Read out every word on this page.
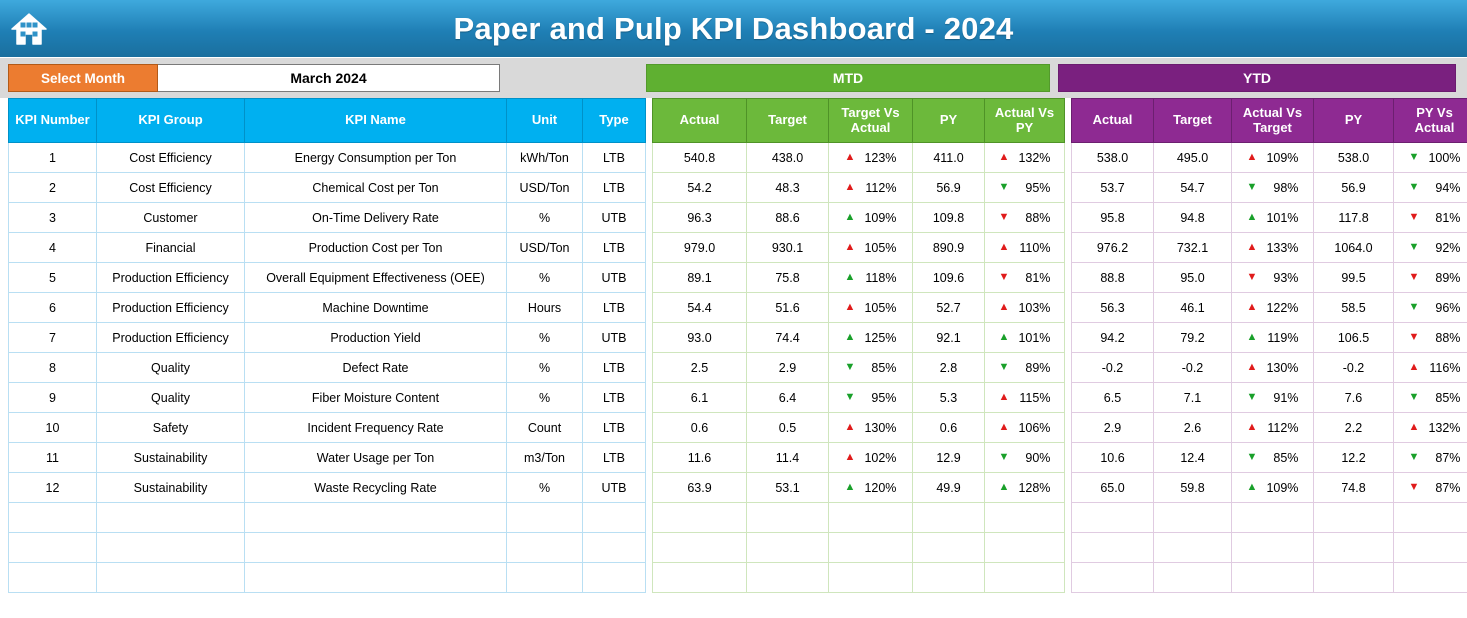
Paper and Pulp KPI Dashboard - 2024
Select Month	March 2024	MTD	YTD
KPI Number	KPI Group	KPI Name	Unit	Type
1	Cost Efficiency	Energy Consumption per Ton	kWh/Ton	LTB
2	Cost Efficiency	Chemical Cost per Ton	USD/Ton	LTB
3	Customer	On-Time Delivery Rate	%	UTB
4	Financial	Production Cost per Ton	USD/Ton	LTB
5	Production Efficiency	Overall Equipment Effectiveness (OEE)	%	UTB
6	Production Efficiency	Machine Downtime	Hours	LTB
7	Production Efficiency	Production Yield	%	UTB
8	Quality	Defect Rate	%	LTB
9	Quality	Fiber Moisture Content	%	LTB
10	Safety	Incident Frequency Rate	Count	LTB
11	Sustainability	Water Usage per Ton	m3/Ton	LTB
12	Sustainability	Waste Recycling Rate	%	UTB

Actual	Target	Target Vs Actual	PY	Actual Vs PY
540.8	438.0	▲ 123%	411.0	▲ 132%

54.2	48.3	▲ 112%	56.9	▼ 95%

96.3	88.6	▲ 109%	109.8	▼ 88%

979.0	930.1	▲ 105%	890.9	▲ 110%

89.1	75.8	▲ 118%	109.6	▼ 81%

54.4	51.6	▲ 105%	52.7	▲ 103%

93.0	74.4	▲ 125%	92.1	▲ 101%

2.5	2.9	▼ 85%	2.8	▼ 89%

6.1	6.4	▼ 95%	5.3	▲ 115%

0.6	0.5	▲ 130%	0.6	▲ 106%

11.6	11.4	▲ 102%	12.9	▼ 90%

63.9	53.1	▲ 120%	49.9	▲ 128%

Actual	Target	Actual Vs Target	PY	PY Vs Actual
538.0	495.0	▲ 109%	538.0	▼ 100%

53.7	54.7	▼ 98%	56.9	▼ 94%

95.8	94.8	▲ 101%	117.8	▼ 81%

976.2	732.1	▲ 133%	1064.0	▼ 92%

88.8	95.0	▼ 93%	99.5	▼ 89%

56.3	46.1	▲ 122%	58.5	▼ 96%

94.2	79.2	▲ 119%	106.5	▼ 88%

-0.2	-0.2	▲ 130%	-0.2	▲ 116%

6.5	7.1	▼ 91%	7.6	▼ 85%

2.9	2.6	▲ 112%	2.2	▲ 132%

10.6	12.4	▼ 85%	12.2	▼ 87%

65.0	59.8	▲ 109%	74.8	▼ 87%
